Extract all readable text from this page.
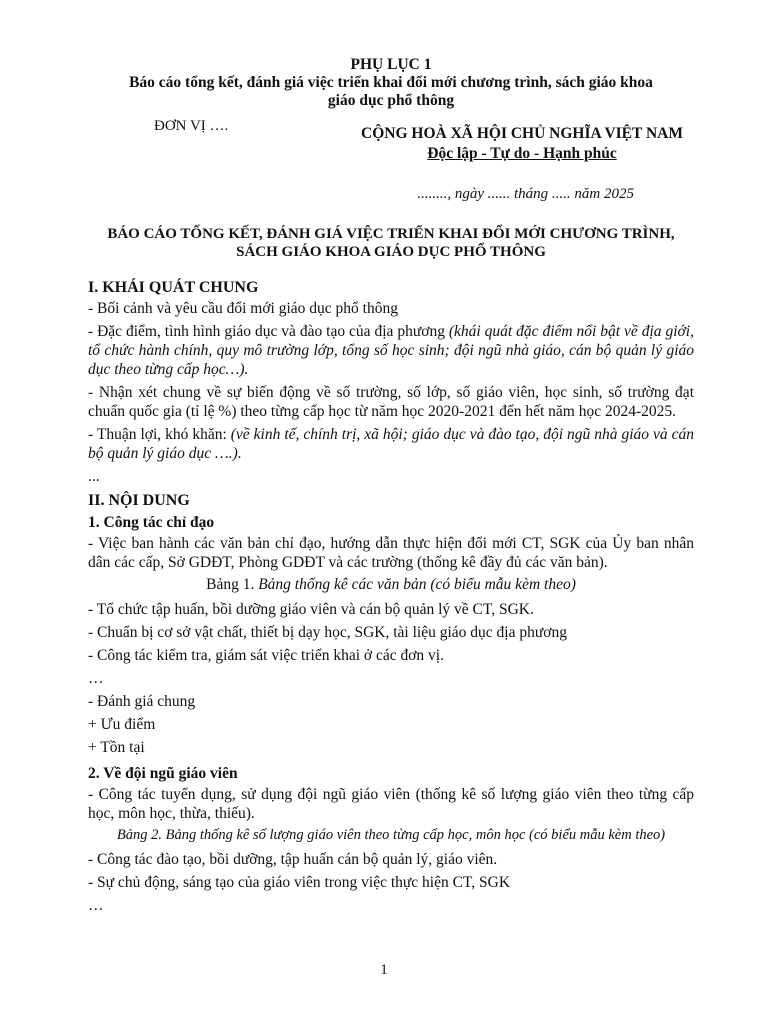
PHỤ LỤC 1
Báo cáo tổng kết, đánh giá việc triển khai đổi mới chương trình, sách giáo khoa
giáo dục phổ thông
ĐƠN VỊ ….	CỘNG HOÀ XÃ HỘI CHỦ NGHĨA VIỆT NAM
Độc lập - Tự do - Hạnh phúc
........, ngày ...... tháng ..... năm 2025
BÁO CÁO TỔNG KẾT, ĐÁNH GIÁ VIỆC TRIỂN KHAI ĐỔI MỚI CHƯƠNG TRÌNH,
SÁCH GIÁO KHOA GIÁO DỤC PHỔ THÔNG
I. KHÁI QUÁT CHUNG

- Bối cảnh và yêu cầu đổi mới giáo dục phổ thông

- Đặc điểm, tình hình giáo dục và đào tạo của địa phương (khái quát đặc điểm nổi bật về địa giới, tổ chức hành chính, quy mô trường lớp, tổng số học sinh; đội ngũ nhà giáo, cán bộ quản lý giáo dục theo từng cấp học…).

- Nhận xét chung về sự biến động về số trường, số lớp, số giáo viên, học sinh, số trường đạt chuẩn quốc gia (tỉ lệ %) theo từng cấp học từ năm học 2020-2021 đến hết năm học 2024-2025.

- Thuận lợi, khó khăn: (về kinh tế, chính trị, xã hội; giáo dục và đào tạo, đội ngũ nhà giáo và cán bộ quản lý giáo dục ….).

...

II. NỘI DUNG
1. Công tác chỉ đạo

- Việc ban hành các văn bản chỉ đạo, hướng dẫn thực hiện đổi mới CT, SGK của Ủy ban nhân dân các cấp, Sở GDĐT, Phòng GDĐT và các trường (thống kê đầy đủ các văn bản).

Bảng 1. Bảng thống kê các văn bản (có biểu mẫu kèm theo)

- Tổ chức tập huấn, bồi dưỡng giáo viên và cán bộ quản lý về CT, SGK.

- Chuẩn bị cơ sở vật chất, thiết bị dạy học, SGK, tài liệu giáo dục địa phương

- Công tác kiểm tra, giám sát việc triển khai ở các đơn vị.

…

- Đánh giá chung

+ Ưu điểm

+ Tồn tại

2. Về đội ngũ giáo viên

- Công tác tuyển dụng, sử dụng đội ngũ giáo viên (thống kê số lượng giáo viên theo từng cấp học, môn học, thừa, thiếu).

Bảng 2. Bảng thống kê số lượng giáo viên theo từng cấp học, môn học (có biểu mẫu kèm theo)

- Công tác đào tạo, bồi dưỡng, tập huấn cán bộ quản lý, giáo viên.

- Sự chủ động, sáng tạo của giáo viên trong việc thực hiện CT, SGK

…

1
